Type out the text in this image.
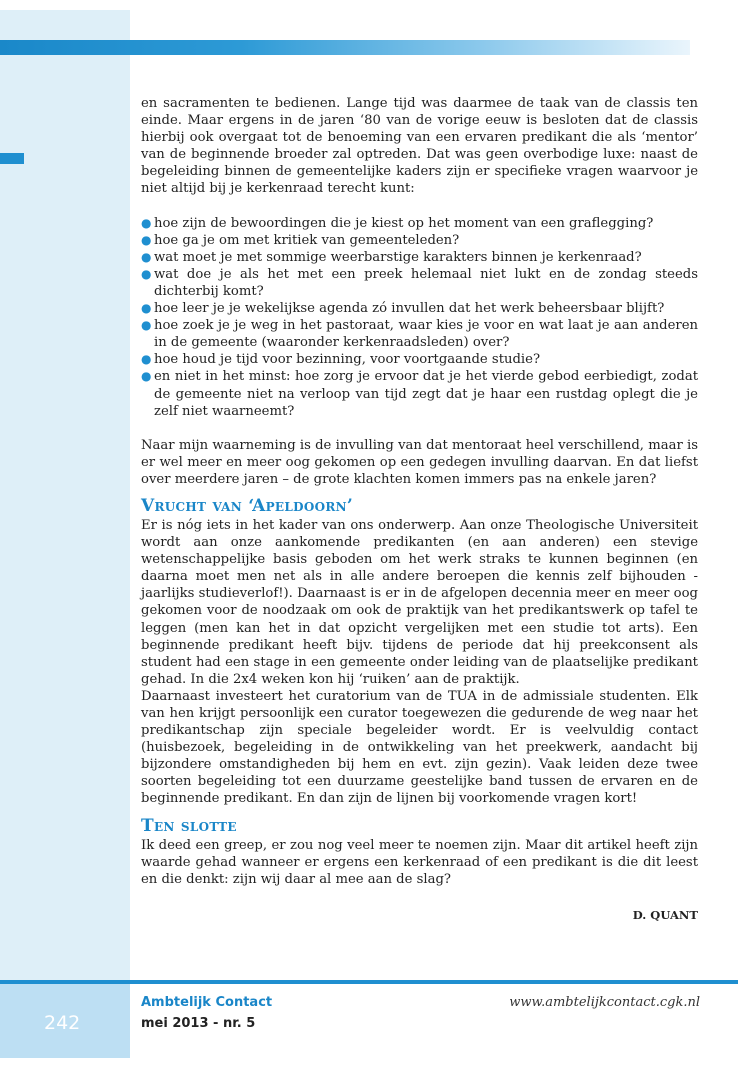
en sacramenten te bedienen. Lange tijd was daarmee de taak van de classis ten einde. Maar ergens in de jaren ‘80 van de vorige eeuw is besloten dat de classis hierbij ook overgaat tot de benoeming van een ervaren predikant die als ‘mentor’ van de beginnende broeder zal optreden. Dat was geen overbodige luxe: naast de begeleiding binnen de gemeentelijke kaders zijn er specifieke vragen waarvoor je niet altijd bij je kerkenraad terecht kunt:

● hoe zijn de bewoordingen die je kiest op het moment van een graflegging?
● hoe ga je om met kritiek van gemeenteleden?
● wat moet je met sommige weerbarstige karakters binnen je kerkenraad?
● wat doe je als het met een preek helemaal niet lukt en de zondag steeds dichterbij komt?
● hoe leer je je wekelijkse agenda zó invullen dat het werk beheersbaar blijft?
● hoe zoek je je weg in het pastoraat, waar kies je voor en wat laat je aan anderen in de gemeente (waaronder kerkenraadsleden) over?
● hoe houd je tijd voor bezinning, voor voortgaande studie?
● en niet in het minst: hoe zorg je ervoor dat je het vierde gebod eerbiedigt, zodat de gemeente niet na verloop van tijd zegt dat je haar een rustdag oplegt die je zelf niet waarneemt?

Naar mijn waarneming is de invulling van dat mentoraat heel verschillend, maar is er wel meer en meer oog gekomen op een gedegen invulling daarvan. En dat liefst over meerdere jaren – de grote klachten komen immers pas na enkele jaren?

Vrucht van ‘Apeldoorn’

Er is nóg iets in het kader van ons onderwerp. Aan onze Theologische Universiteit wordt aan onze aankomende predikanten (en aan anderen) een stevige wetenschappelijke basis geboden om het werk straks te kunnen beginnen (en daarna moet men net als in alle andere beroepen die kennis zelf bijhouden - jaarlijks studieverlof!). Daarnaast is er in de afgelopen decennia meer en meer oog gekomen voor de noodzaak om ook de praktijk van het predikantswerk op tafel te leggen (men kan het in dat opzicht vergelijken met een studie tot arts). Een beginnende predikant heeft bijv. tijdens de periode dat hij preekconsent als student had een stage in een gemeente onder leiding van de plaatselijke predikant gehad. In die 2x4 weken kon hij ‘ruiken’ aan de praktijk.

Daarnaast investeert het curatorium van de TUA in de admissiale studenten. Elk van hen krijgt persoonlijk een curator toegewezen die gedurende de weg naar het predikantschap zijn speciale begeleider wordt. Er is veelvuldig contact (huisbezoek, begeleiding in de ontwikkeling van het preekwerk, aandacht bij bijzondere omstandigheden bij hem en evt. zijn gezin). Vaak leiden deze twee soorten begeleiding tot een duurzame geestelijke band tussen de ervaren en de beginnende predikant. En dan zijn de lijnen bij voorkomende vragen kort!

Ten slotte

Ik deed een greep, er zou nog veel meer te noemen zijn. Maar dit artikel heeft zijn waarde gehad wanneer er ergens een kerkenraad of een predikant is die dit leest en die denkt: zijn wij daar al mee aan de slag?

D. QUANT
242
Ambtelijk Contact
mei 2013 - nr. 5
www.ambtelijkcontact.cgk.nl
